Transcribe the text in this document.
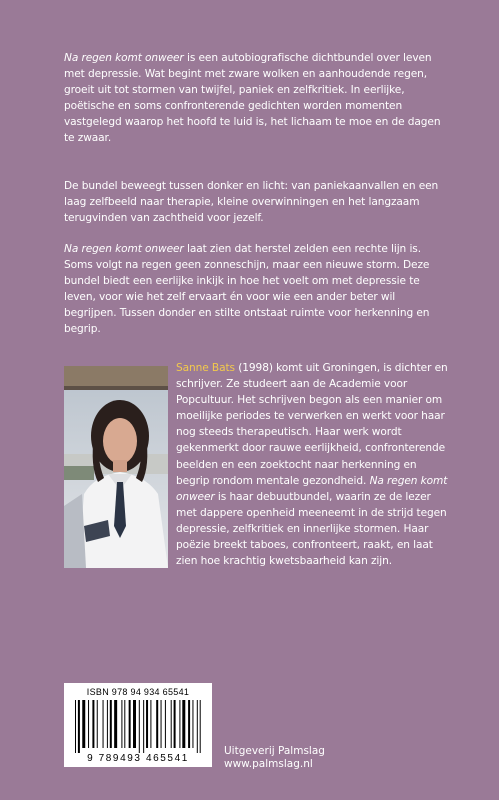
Na regen komt onweer is een autobiografische dichtbundel over leven met depressie. Wat begint met zware wolken en aanhoudende regen, groeit uit tot stormen van twijfel, paniek en zelfkritiek. In eerlijke, poëtische en soms confronterende gedichten worden momenten vastgelegd waarop het hoofd te luid is, het lichaam te moe en de dagen te zwaar.

De bundel beweegt tussen donker en licht: van paniekaanvallen en een laag zelfbeeld naar therapie, kleine overwinningen en het langzaam terugvinden van zachtheid voor jezelf.

Na regen komt onweer laat zien dat herstel zelden een rechte lijn is. Soms volgt na regen geen zonneschijn, maar een nieuwe storm. Deze bundel biedt een eerlijke inkijk in hoe het voelt om met depressie te leven, voor wie het zelf ervaart én voor wie een ander beter wil begrijpen. Tussen donder en stilte ontstaat ruimte voor herkenning en begrip.

Sanne Bats (1998) komt uit Groningen, is dichter en schrijver. Ze studeert aan de Academie voor Popcultuur. Het schrijven begon als een manier om moeilijke periodes te verwerken en werkt voor haar nog steeds therapeutisch. Haar werk wordt gekenmerkt door rauwe eerlijkheid, confronterende beelden en een zoektocht naar herkenning en begrip rondom mentale gezondheid. Na regen komt onweer is haar debuutbundel, waarin ze de lezer met dappere openheid meeneemt in de strijd tegen depressie, zelfkritiek en innerlijke stormen. Haar poëzie breekt taboes, confronteert, raakt, en laat zien hoe krachtig kwetsbaarheid kan zijn.
ISBN 978 94 934 65541
9 789493 465541
Uitgeverij Palmslag
www.palmslag.nl
